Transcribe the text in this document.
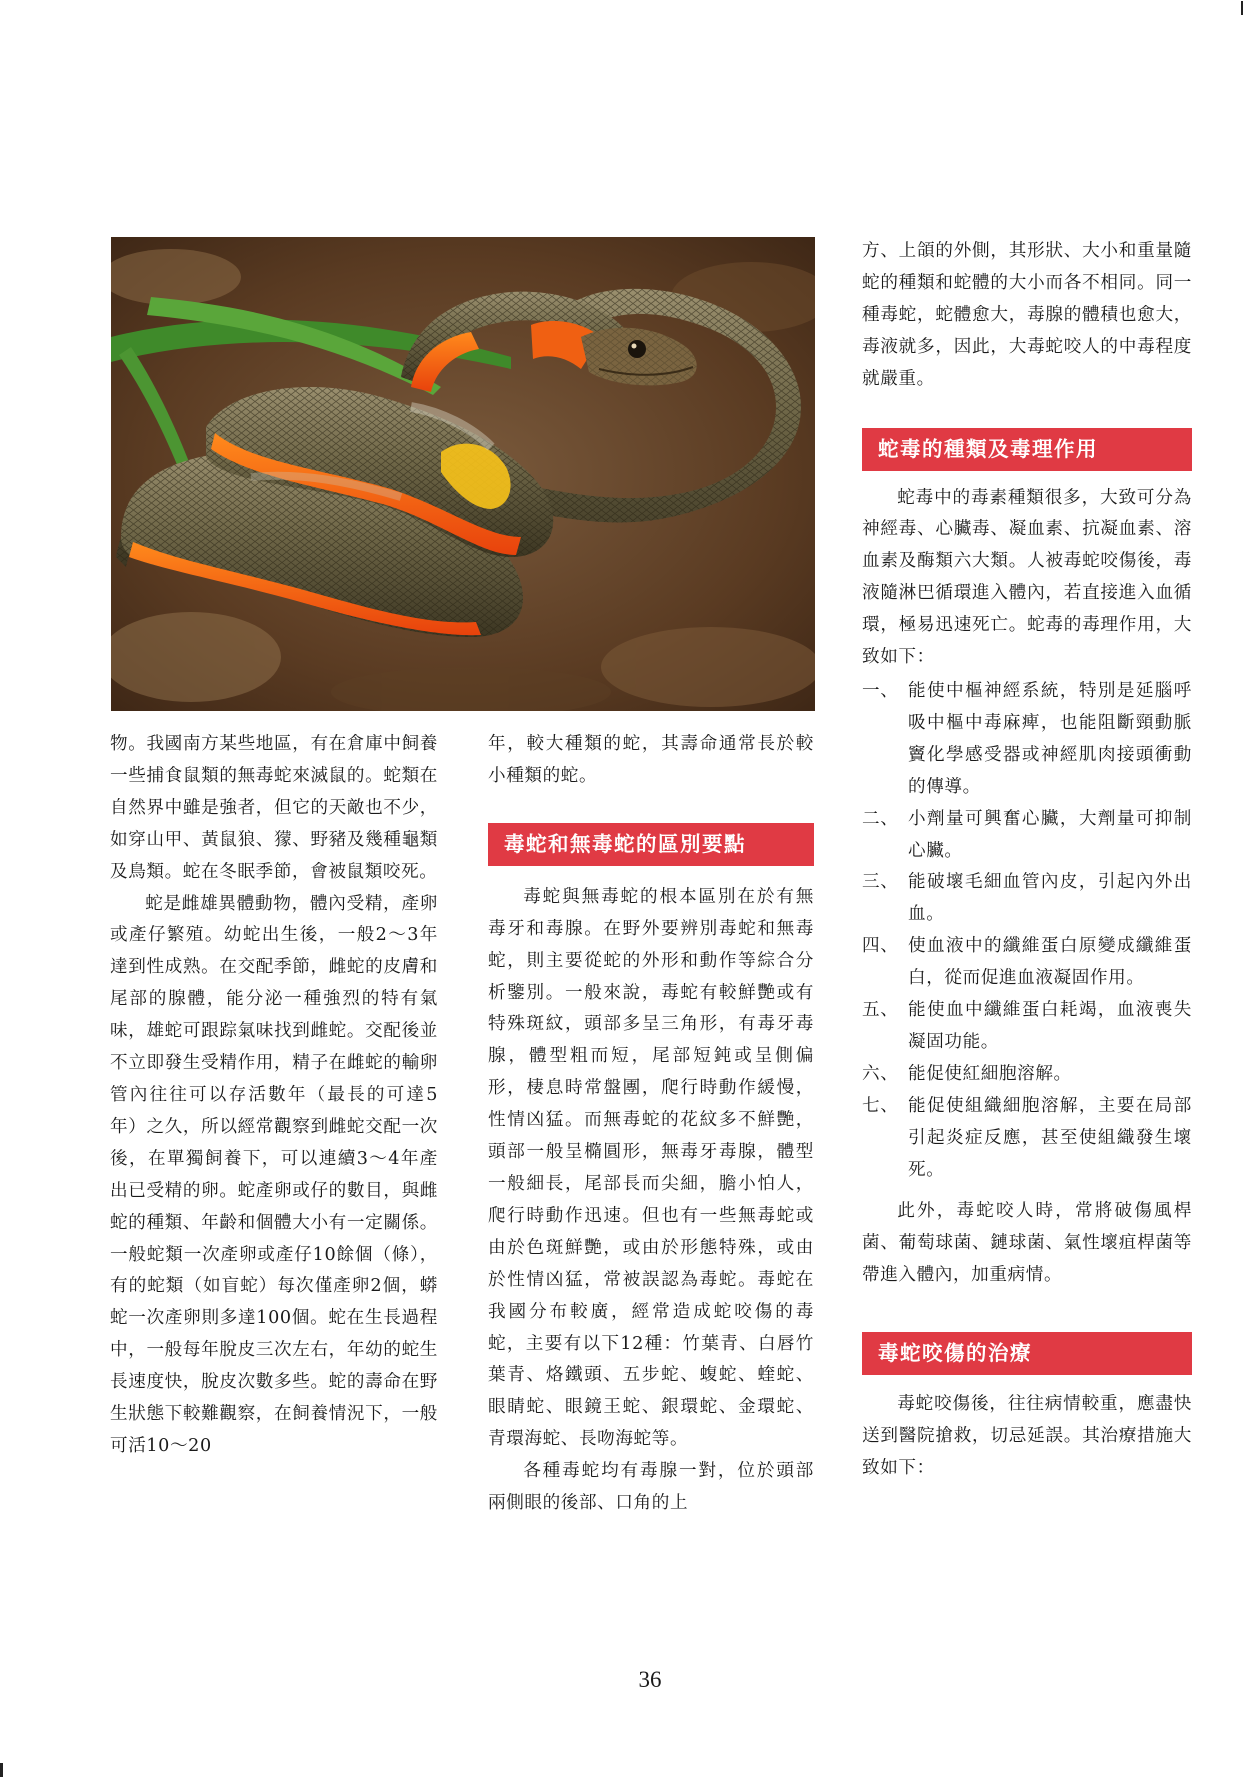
物。我國南方某些地區，有在倉庫中飼養一些捕食鼠類的無毒蛇來滅鼠的。蛇類在自然界中雖是強者，但它的天敵也不少，如穿山甲、黃鼠狼、獴、野豬及幾種龜類及鳥類。蛇在冬眠季節，會被鼠類咬死。

蛇是雌雄異體動物，體內受精，產卵或產仔繁殖。幼蛇出生後，一般2～3年達到性成熟。在交配季節，雌蛇的皮膚和尾部的腺體，能分泌一種強烈的特有氣味，雄蛇可跟踪氣味找到雌蛇。交配後並不立即發生受精作用，精子在雌蛇的輸卵管內往往可以存活數年（最長的可達5年）之久，所以經常觀察到雌蛇交配一次後，在單獨飼養下，可以連續3～4年產出已受精的卵。蛇產卵或仔的數目，與雌蛇的種類、年齡和個體大小有一定關係。一般蛇類一次產卵或產仔10餘個（條），有的蛇類（如盲蛇）每次僅產卵2個，蟒蛇一次產卵則多達100個。蛇在生長過程中，一般每年脫皮三次左右，年幼的蛇生長速度快，脫皮次數多些。蛇的壽命在野生狀態下較難觀察，在飼養情況下，一般可活10～20

年，較大種類的蛇，其壽命通常長於較小種類的蛇。

毒蛇和無毒蛇的區別要點

毒蛇與無毒蛇的根本區別在於有無毒牙和毒腺。在野外要辨別毒蛇和無毒蛇，則主要從蛇的外形和動作等綜合分析鑒別。一般來說，毒蛇有較鮮艷或有特殊斑紋，頭部多呈三角形，有毒牙毒腺，體型粗而短，尾部短鈍或呈側偏形，棲息時常盤團，爬行時動作緩慢，性情凶猛。而無毒蛇的花紋多不鮮艷，頭部一般呈橢圓形，無毒牙毒腺，體型一般細長，尾部長而尖細，膽小怕人，爬行時動作迅速。但也有一些無毒蛇或由於色斑鮮艷，或由於形態特殊，或由於性情凶猛，常被誤認為毒蛇。毒蛇在我國分布較廣，經常造成蛇咬傷的毒蛇，主要有以下12種：竹葉青、白唇竹葉青、烙鐵頭、五步蛇、蝮蛇、蝰蛇、眼睛蛇、眼鏡王蛇、銀環蛇、金環蛇、青環海蛇、長吻海蛇等。

各種毒蛇均有毒腺一對，位於頭部兩側眼的後部、口角的上

方、上頜的外側，其形狀、大小和重量隨蛇的種類和蛇體的大小而各不相同。同一種毒蛇，蛇體愈大，毒腺的體積也愈大，毒液就多，因此，大毒蛇咬人的中毒程度就嚴重。

蛇毒的種類及毒理作用

蛇毒中的毒素種類很多，大致可分為神經毒、心臟毒、凝血素、抗凝血素、溶血素及酶類六大類。人被毒蛇咬傷後，毒液隨淋巴循環進入體內，若直接進入血循環，極易迅速死亡。蛇毒的毒理作用，大致如下：

一、 能使中樞神經系統，特別是延腦呼吸中樞中毒麻痺，也能阻斷頸動脈竇化學感受器或神經肌肉接頭衝動的傳導。
二、 小劑量可興奮心臟，大劑量可抑制心臟。
三、 能破壞毛細血管內皮，引起內外出血。
四、 使血液中的纖維蛋白原變成纖維蛋白，從而促進血液凝固作用。
五、 能使血中纖維蛋白耗竭，血液喪失凝固功能。
六、 能促使紅細胞溶解。
七、 能促使組織細胞溶解，主要在局部引起炎症反應，甚至使組織發生壞死。

此外，毒蛇咬人時，常將破傷風桿菌、葡萄球菌、鏈球菌、氣性壞疽桿菌等帶進入體內，加重病情。

毒蛇咬傷的治療

毒蛇咬傷後，往往病情較重，應盡快送到醫院搶救，切忌延誤。其治療措施大致如下：

36
